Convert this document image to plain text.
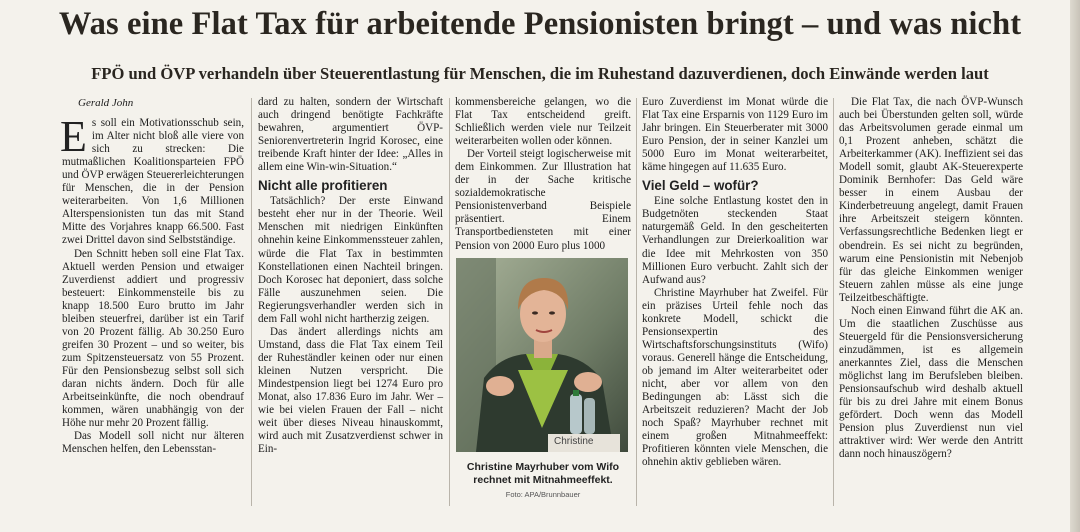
Was eine Flat Tax für arbeitende Pensionisten bringt – und was nicht
FPÖ und ÖVP verhandeln über Steuerentlastung für Menschen, die im Ruhestand dazuverdienen, doch Einwände werden laut
Gerald John

Es soll ein Motivationsschub sein, im Alter nicht bloß alle viere von sich zu strecken: Die mutmaßlichen Koalitionsparteien FPÖ und ÖVP erwägen Steuererleichterungen für Menschen, die in der Pension weiterarbeiten. Von 1,6 Millionen Alterspensionisten tun das mit Stand Mitte des Vorjahres knapp 66.500. Fast zwei Drittel davon sind Selbstständige.

Den Schnitt heben soll eine Flat Tax. Aktuell werden Pension und etwaiger Zuverdienst addiert und progressiv besteuert: Einkommensteile bis zu knapp 18.500 Euro brutto im Jahr bleiben steuerfrei, darüber ist ein Tarif von 20 Prozent fällig. Ab 30.250 Euro greifen 30 Prozent – und so weiter, bis zum Spitzensteuersatz von 55 Prozent. Für den Pensionsbezug selbst soll sich daran nichts ändern. Doch für alle Arbeitseinkünfte, die noch obendrauf kommen, wären unabhängig von der Höhe nur mehr 20 Prozent fällig.

Das Modell soll nicht nur älteren Menschen helfen, den Lebensstan-

dard zu halten, sondern der Wirtschaft auch dringend benötigte Fachkräfte bewahren, argumentiert ÖVP-Seniorenvertreterin Ingrid Korosec, eine treibende Kraft hinter der Idee: „Alles in allem eine Win-win-Situation.“

Nicht alle profitieren

Tatsächlich? Der erste Einwand besteht eher nur in der Theorie. Weil Menschen mit niedrigen Einkünften ohnehin keine Einkommenssteuer zahlen, würde die Flat Tax in bestimmten Konstellationen einen Nachteil bringen. Doch Korosec hat deponiert, dass solche Fälle auszunehmen seien. Die Regierungsverhandler werden sich in dem Fall wohl nicht hartherzig zeigen.

Das ändert allerdings nichts am Umstand, dass die Flat Tax einem Teil der Ruheständler keinen oder nur einen kleinen Nutzen verspricht. Die Mindestpension liegt bei 1274 Euro pro Monat, also 17.836 Euro im Jahr. Wer – wie bei vielen Frauen der Fall – nicht weit über dieses Niveau hinauskommt, wird auch mit Zusatzverdienst schwer in Ein-

kommensbereiche gelangen, wo die Flat Tax entscheidend greift. Schließlich werden viele nur Teilzeit weiterarbeiten wollen oder können.

Der Vorteil steigt logischerweise mit dem Einkommen. Zur Illustration hat der in der Sache kritische sozialdemokratische Pensionistenverband Beispiele präsentiert. Einem Transportbediensteten mit einer Pension von 2000 Euro plus 1000

Christine
Christine Mayrhuber vom Wifo rechnet mit Mitnahmeeffekt.
Foto: APA/Brunnbauer

Euro Zuverdienst im Monat würde die Flat Tax eine Ersparnis von 1129 Euro im Jahr bringen. Ein Steuerberater mit 3000 Euro Pension, der in seiner Kanzlei um 5000 Euro im Monat weiterarbeitet, käme hingegen auf 11.635 Euro.

Viel Geld – wofür?

Eine solche Entlastung kostet den in Budgetnöten steckenden Staat naturgemäß Geld. In den gescheiterten Verhandlungen zur Dreierkoalition war die Idee mit Mehrkosten von 350 Millionen Euro verbucht. Zahlt sich der Aufwand aus?

Christine Mayrhuber hat Zweifel. Für ein präzises Urteil fehle noch das konkrete Modell, schickt die Pensionsexpertin des Wirtschaftsforschungsinstituts (Wifo) voraus. Generell hänge die Entscheidung, ob jemand im Alter weiterarbeitet oder nicht, aber vor allem von den Bedingungen ab: Lässt sich die Arbeitszeit reduzieren? Macht der Job noch Spaß? Mayrhuber rechnet mit einem großen Mitnahmeeffekt: Profitieren könnten viele Menschen, die ohnehin aktiv geblieben wären.

Die Flat Tax, die nach ÖVP-Wunsch auch bei Überstunden gelten soll, würde das Arbeitsvolumen gerade einmal um 0,1 Prozent anheben, schätzt die Arbeiterkammer (AK). Ineffizient sei das Modell somit, glaubt AK-Steuerexperte Dominik Bernhofer: Das Geld wäre besser in einem Ausbau der Kinderbetreuung angelegt, damit Frauen ihre Arbeitszeit steigern könnten. Verfassungsrechtliche Bedenken liegt er obendrein. Es sei nicht zu begründen, warum eine Pensionistin mit Nebenjob für das gleiche Einkommen weniger Steuern zahlen müsse als eine junge Teilzeitbeschäftigte.

Noch einen Einwand führt die AK an. Um die staatlichen Zuschüsse aus Steuergeld für die Pensionsversicherung einzudämmen, ist es allgemein anerkanntes Ziel, dass die Menschen möglichst lang im Berufsleben bleiben. Pensionsaufschub wird deshalb aktuell für bis zu drei Jahre mit einem Bonus gefördert. Doch wenn das Modell Pension plus Zuverdienst nun viel attraktiver wird: Wer werde den Antritt dann noch hinauszögern?
